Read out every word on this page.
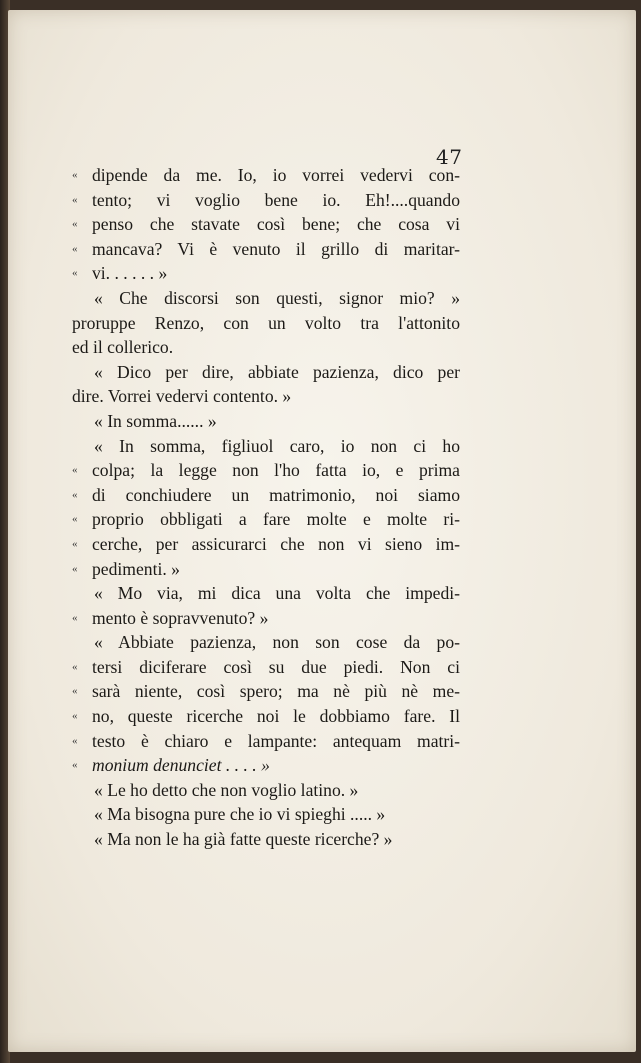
47
« dipende da me. Io, io vorrei vedervi con-
« tento; vi voglio bene io. Eh!....quando
« penso che stavate così bene; che cosa vi
« mancava? Vi è venuto il grillo di maritar-
« vi. . . . . . »
« Che discorsi son questi, signor mio? »
proruppe Renzo, con un volto tra l'attonito
ed il collerico.
« Dico per dire, abbiate pazienza, dico per
dire. Vorrei vedervi contento. »
« In somma...... »
« In somma, figliuol caro, io non ci ho
« colpa; la legge non l'ho fatta io, e prima
« di conchiudere un matrimonio, noi siamo
« proprio obbligati a fare molte e molte ri-
« cerche, per assicurarci che non vi sieno im-
« pedimenti. »
« Mo via, mi dica una volta che impedi-
« mento è sopravvenuto? »
« Abbiate pazienza, non son cose da po-
« tersi diciferare così su due piedi. Non ci
« sarà niente, così spero; ma nè più nè me-
« no, queste ricerche noi le dobbiamo fare. Il
« testo è chiaro e lampante: antequam matri-
« monium denunciet . . . . »
« Le ho detto che non voglio latino. »
« Ma bisogna pure che io vi spieghi ..... »
« Ma non le ha già fatte queste ricerche? »
